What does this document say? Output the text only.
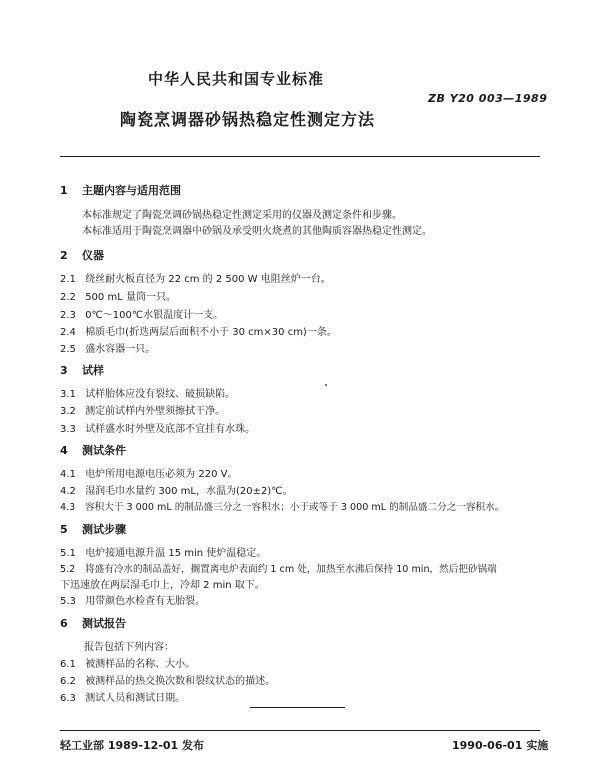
中华人民共和国专业标准
ZB Y20 003—1989
陶瓷烹调器砂锅热稳定性测定方法
1 主题内容与适用范围
本标准规定了陶瓷烹调砂锅热稳定性测定采用的仪器及测定条件和步骤。
本标准适用于陶瓷烹调器中砂锅及承受明火烧煮的其他陶质容器热稳定性测定。
2 仪器
2.1 绕丝耐火板直径为 22 cm 的 2 500 W 电阻丝炉一台。
2.2 500 mL 量筒一只。
2.3 0℃～100℃水银温度计一支。
2.4 棉质毛巾(折迭两层后面积不小于 30 cm×30 cm)一条。
2.5 盛水容器一只。
3 试样
3.1 试样胎体应没有裂纹、破损缺陷。
3.2 测定前试样内外壁须擦拭干净。
3.3 试样盛水时外壁及底部不宜挂有水珠。
4 测试条件
4.1 电炉所用电源电压必须为 220 V。
4.2 湿润毛巾水量约 300 mL，水温为(20±2)℃。
4.3 容积大于 3 000 mL 的制品盛三分之一容积水；小于或等于 3 000 mL 的制品盛二分之一容积水。
5 测试步骤
5.1 电炉接通电源升温 15 min 使炉温稳定。
5.2 将盛有冷水的制品盖好，搁置离电炉表面约 1 cm 处，加热至水沸后保持 10 min，然后把砂锅端
下迅速放在两层湿毛巾上，冷却 2 min 取下。
5.3 用带颜色水检查有无胎裂。
6 测试报告
报告包括下列内容：
6.1 被测样品的名称、大小。
6.2 被测样品的热交换次数和裂纹状态的描述。
6.3 测试人员和测试日期。
轻工业部 1989-12-01 发布	1990-06-01 实施
